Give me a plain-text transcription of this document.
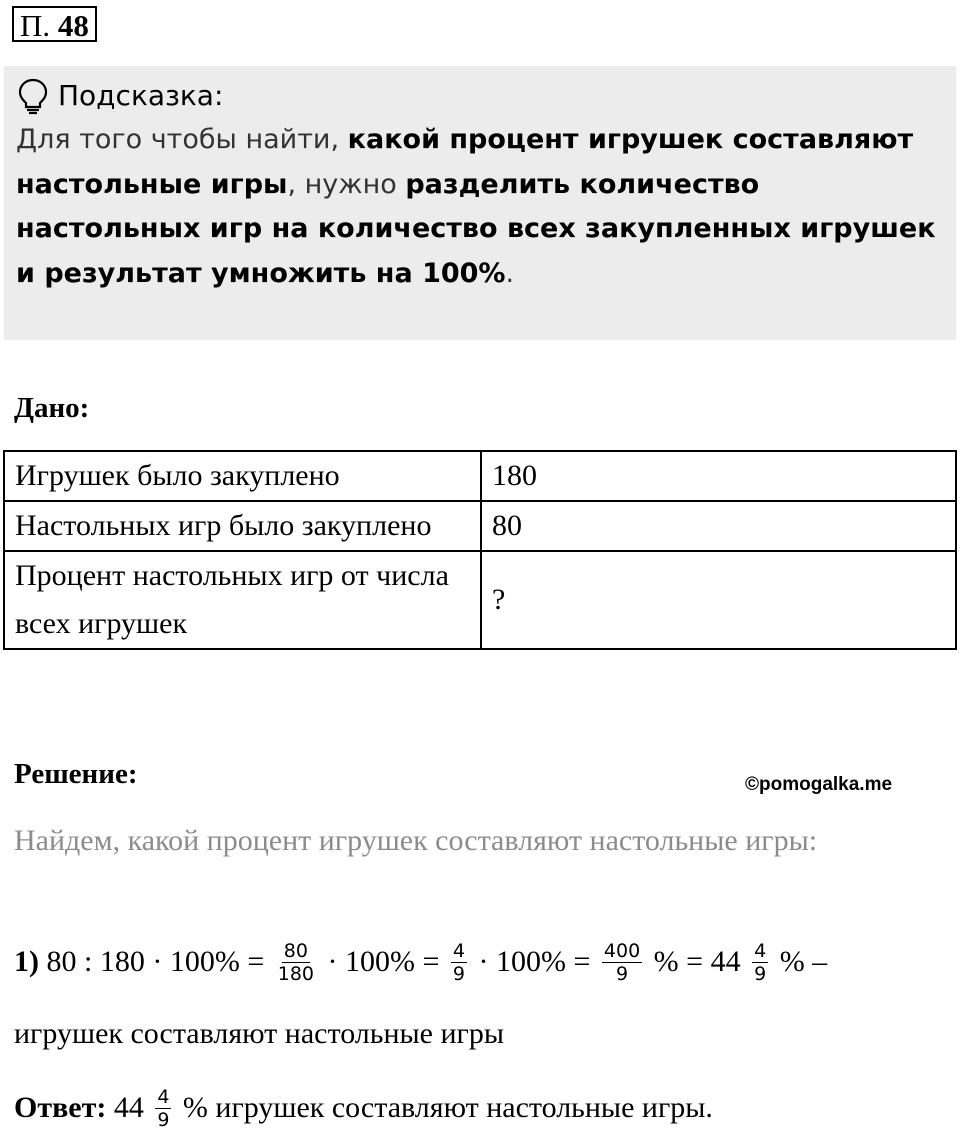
П. 48
Подсказка:
Для того чтобы найти, какой процент игрушек составляют настольные игры, нужно разделить количество настольных игр на количество всех закупленных игрушек и результат умножить на 100%.
Дано:
Игрушек было закуплено	180
Настольных игр было закуплено	80
Процент настольных игр от числа всех игрушек	?
Решение:	©pomogalka.me
Найдем, какой процент игрушек составляют настольные игры:
1) 80 : $180 \cdot 100\% = \frac{80}{180} \cdot 100\% = \frac{4}{9} \cdot 100\% = \frac{400}{9}$ % = $44 \frac{4}{9}$ % –
игрушек составляют настольные игры
Ответ: $44 \frac{4}{9}$ % игрушек составляют настольные игры.
